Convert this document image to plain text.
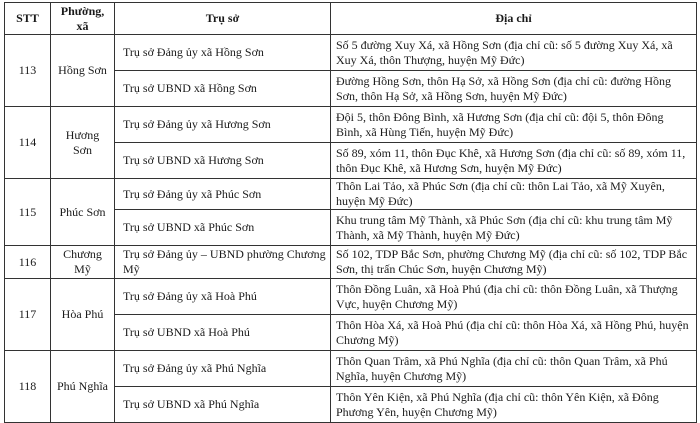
STT	Phường, xã	Trụ sở	Địa chỉ
113	Hồng Sơn	Trụ sở Đảng ủy xã Hồng Sơn	Số 5 đường Xuy Xá, xã Hồng Sơn (địa chỉ cũ: số 5 đường Xuy Xá, xã Xuy Xá, thôn Thượng, huyện Mỹ Đức)
		Trụ sở UBND xã Hồng Sơn	Đường Hồng Sơn, thôn Hạ Sở, xã Hồng Sơn (địa chỉ cũ: đường Hồng Sơn, thôn Hạ Sở, xã Hồng Sơn, huyện Mỹ Đức)
114	Hương Sơn	Trụ sở Đảng ủy xã Hương Sơn	Đội 5, thôn Đông Bình, xã Hương Sơn (địa chỉ cũ: đội 5, thôn Đông Bình, xã Hùng Tiến, huyện Mỹ Đức)
		Trụ sở UBND xã Hương Sơn	Số 89, xóm 11, thôn Đục Khê, xã Hương Sơn (địa chỉ cũ: số 89, xóm 11, thôn Đục Khê, xã Hương Sơn, huyện Mỹ Đức)
115	Phúc Sơn	Trụ sở Đảng ủy xã Phúc Sơn	Thôn Lai Tảo, xã Phúc Sơn (địa chỉ cũ: thôn Lai Tảo, xã Mỹ Xuyên, huyện Mỹ Đức)
		Trụ sở UBND xã Phúc Sơn	Khu trung tâm Mỹ Thành, xã Phúc Sơn (địa chỉ cũ: khu trung tâm Mỹ Thành, xã Mỹ Thành, huyện Mỹ Đức)
116	Chương Mỹ	Trụ sở Đảng ủy – UBND phường Chương Mỹ	Số 102, TDP Bắc Sơn, phường Chương Mỹ (địa chỉ cũ: số 102, TDP Bắc Sơn, thị trấn Chúc Sơn, huyện Chương Mỹ)
117	Hòa Phú	Trụ sở Đảng ủy xã Hoà Phú	Thôn Đồng Luân, xã Hoà Phú (địa chỉ cũ: thôn Đồng Luân, xã Thượng Vực, huyện Chương Mỹ)
		Trụ sở UBND xã Hoà Phú	Thôn Hòa Xá, xã Hoà Phú (địa chỉ cũ: thôn Hòa Xá, xã Hồng Phú, huyện Chương Mỹ)
118	Phú Nghĩa	Trụ sở Đảng ủy xã Phú Nghĩa	Thôn Quan Trâm, xã Phú Nghĩa (địa chỉ cũ: thôn Quan Trâm, xã Phú Nghĩa, huyện Chương Mỹ)
		Trụ sở UBND xã Phú Nghĩa	Thôn Yên Kiện, xã Phú Nghĩa (địa chỉ cũ: thôn Yên Kiện, xã Đông Phương Yên, huyện Chương Mỹ)
